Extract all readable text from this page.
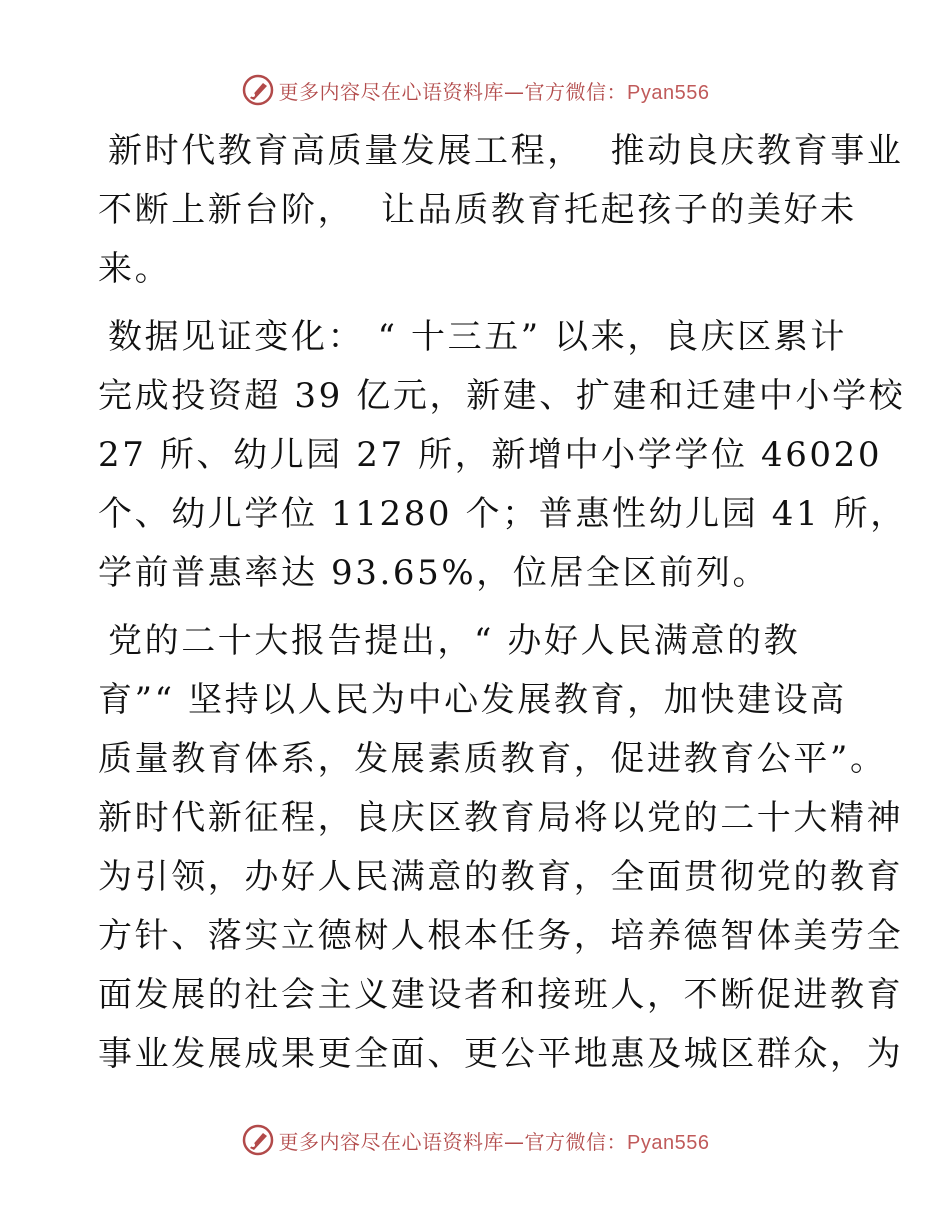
更多内容尽在心语资料库—官方微信：Pyan556
新时代教育高质量发展工程，  推动良庆教育事业
不断上新台阶，  让品质教育托起孩子的美好未
来。
数据见证变化： “ 十三五” 以来，良庆区累计
完成投资超 39 亿元，新建、扩建和迁建中小学校
27 所、幼儿园 27 所，新增中小学学位 46020
个、幼儿学位 11280 个；普惠性幼儿园 41 所，
学前普惠率达 93.65%，位居全区前列。
党的二十大报告提出，“ 办好人民满意的教
育”“ 坚持以人民为中心发展教育，加快建设高
质量教育体系，发展素质教育，促进教育公平”。
新时代新征程，良庆区教育局将以党的二十大精神
为引领，办好人民满意的教育，全面贯彻党的教育
方针、落实立德树人根本任务，培养德智体美劳全
面发展的社会主义建设者和接班人，不断促进教育
事业发展成果更全面、更公平地惠及城区群众，为
更多内容尽在心语资料库—官方微信：Pyan556
